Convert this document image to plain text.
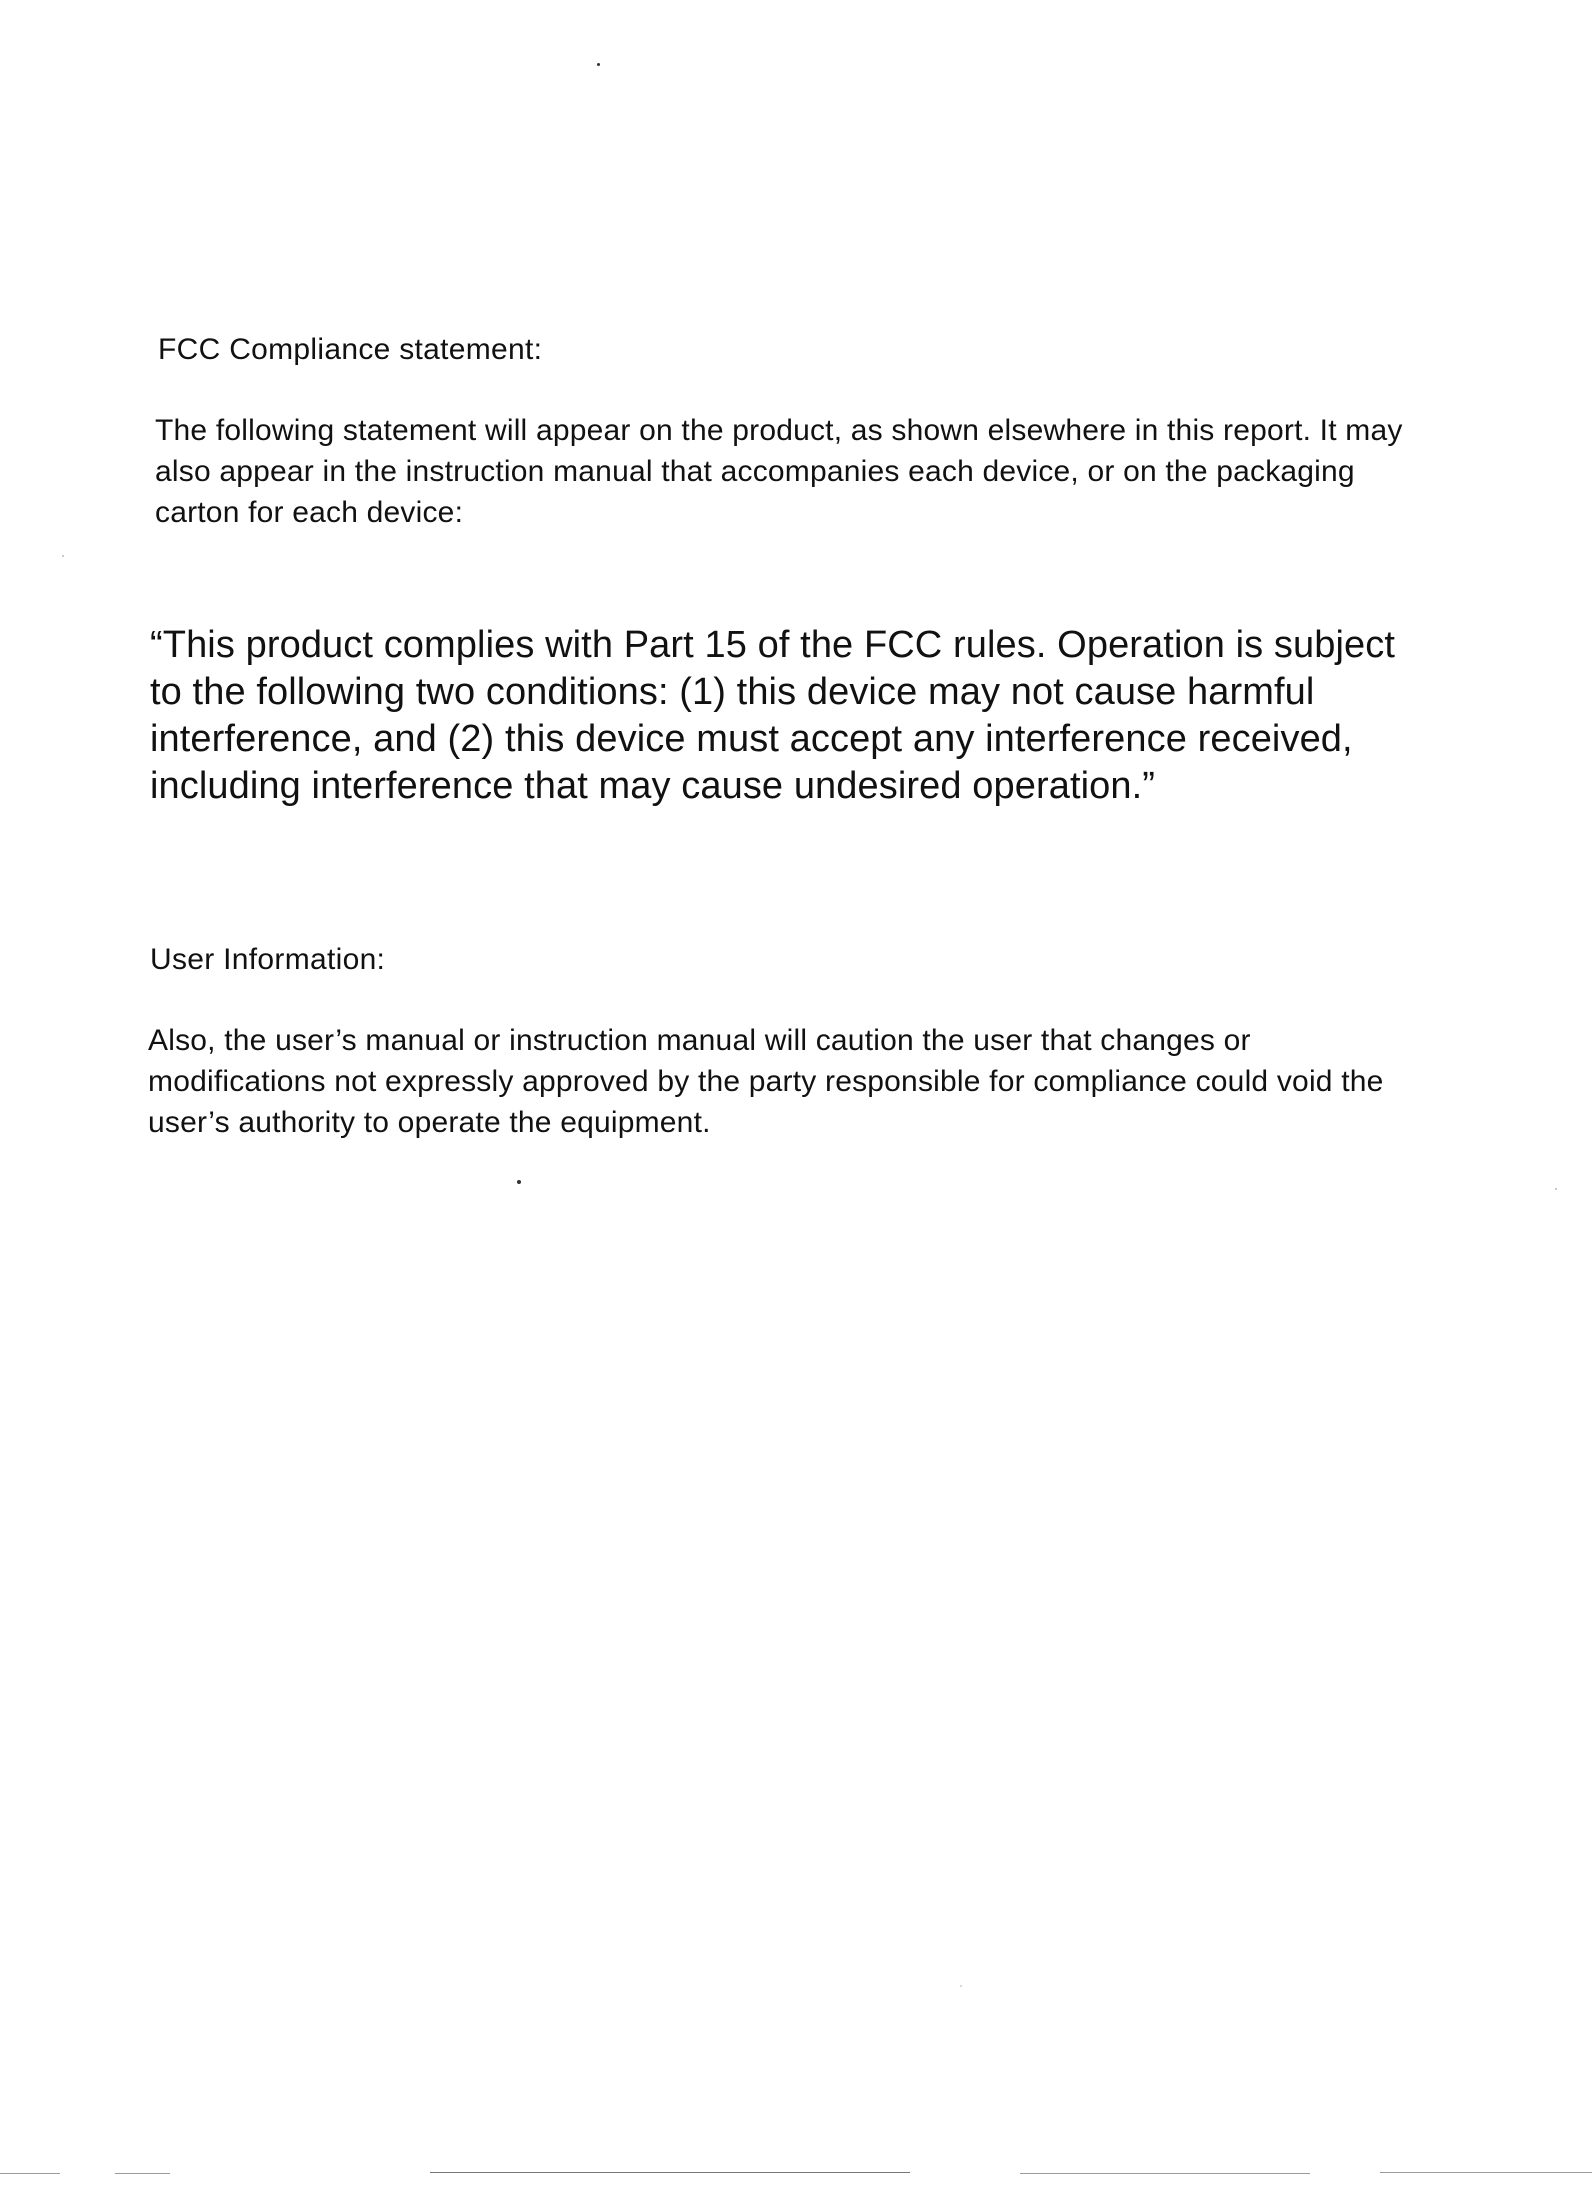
FCC Compliance statement:

The following statement will appear on the product, as shown elsewhere in this report. It may also appear in the instruction manual that accompanies each device, or on the packaging carton for each device:

“This product complies with Part 15 of the FCC rules. Operation is subject to the following two conditions: (1) this device may not cause harmful interference, and (2) this device must accept any interference received, including interference that may cause undesired operation.”

User Information:

Also, the user’s manual or instruction manual will caution the user that changes or modifications not expressly approved by the party responsible for compliance could void the user’s authority to operate the equipment.
